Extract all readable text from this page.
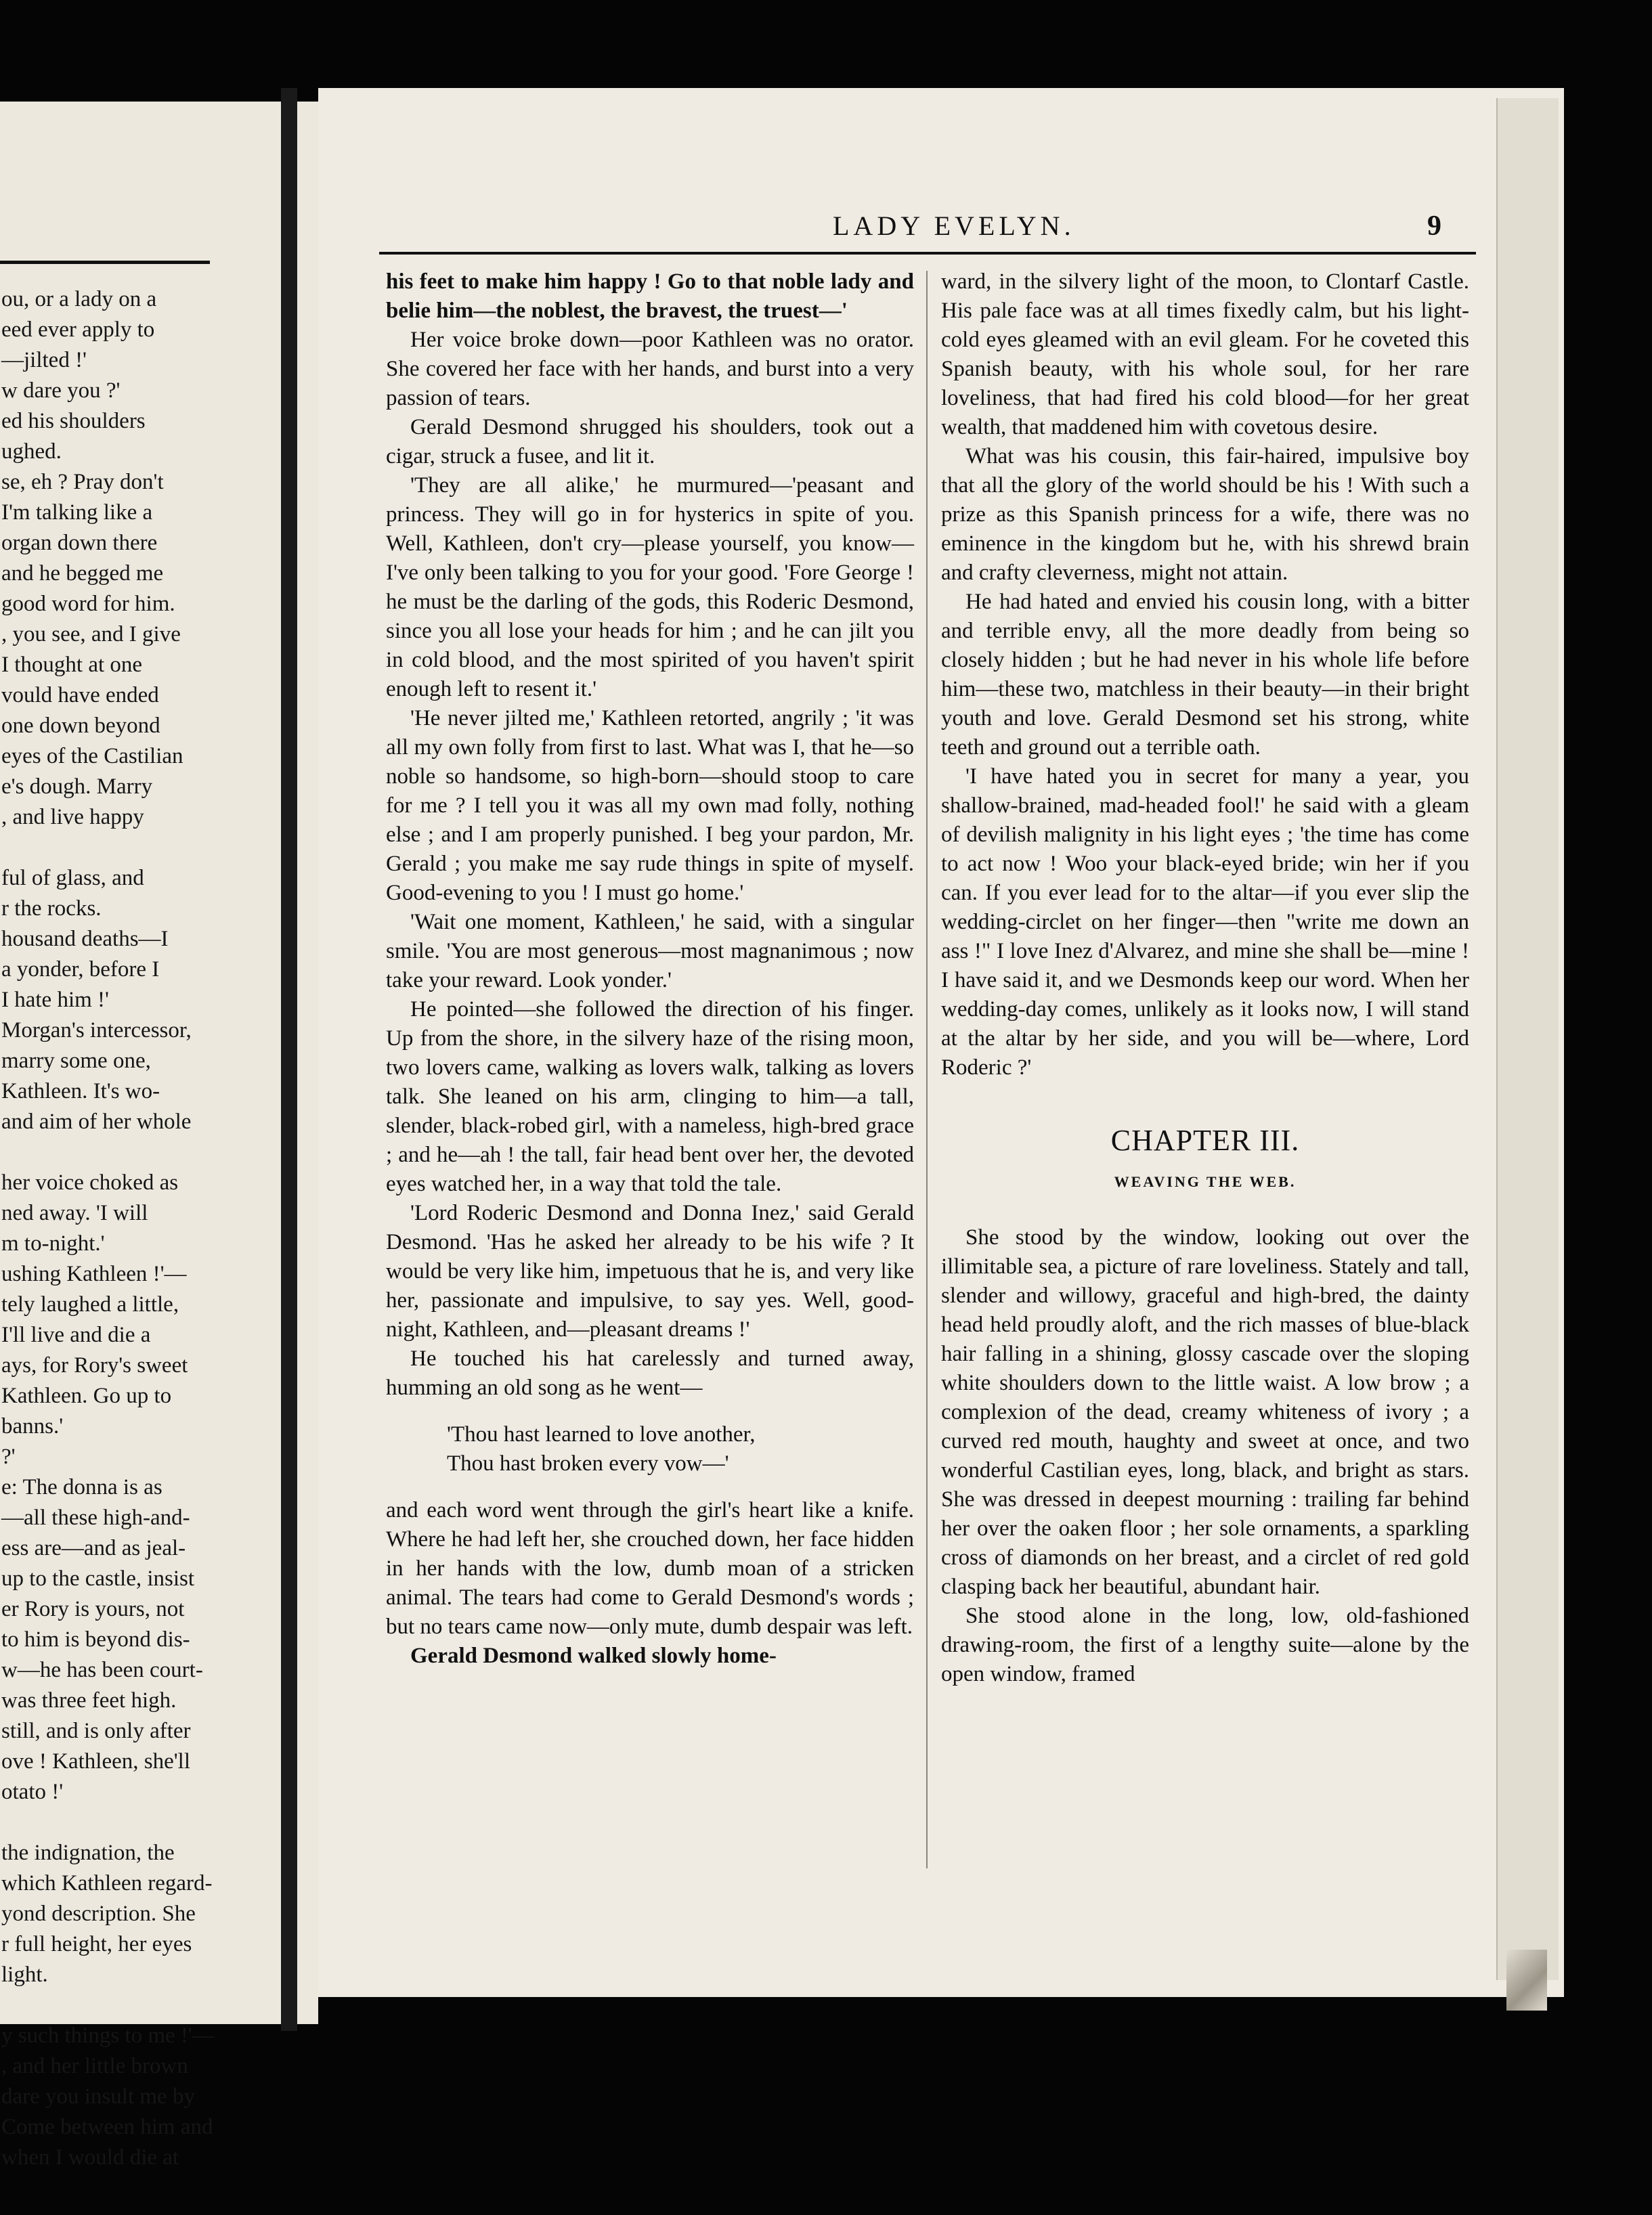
ou, or a lady on a

eed ever apply to

—jilted !'

w dare you ?'

ed his shoulders

ughed.

se, eh ? Pray don't

I'm talking like a

organ down there

and he begged me

good word for him.

, you see, and I give

I thought at one

vould have ended

one down beyond

eyes of the Castilian

e's dough. Marry

, and live happy

ful of glass, and

r the rocks.

housand deaths—I

a yonder, before I

I hate him !'

Morgan's intercessor,

marry some one,

Kathleen. It's wo-

and aim of her whole

her voice choked as

ned away. 'I will

m to-night.'

ushing Kathleen !'—

tely laughed a little,

I'll live and die a

ays, for Rory's sweet

Kathleen. Go up to

banns.'

?'

e: The donna is as

—all these high-and-

ess are—and as jeal-

up to the castle, insist

er Rory is yours, not

to him is beyond dis-

w—he has been court-

was three feet high.

still, and is only after

ove ! Kathleen, she'll

otato !'

the indignation, the

which Kathleen regard-

yond description. She

r full height, her eyes

light.

y such things to me !'—

, and her little brown

dare you insult me by

Come between him and

when I would die at

LADY EVELYN.	9

his feet to make him happy ! Go to that noble lady and belie him—the noblest, the bravest, the truest—'

Her voice broke down—poor Kathleen was no orator. She covered her face with her hands, and burst into a very passion of tears.

Gerald Desmond shrugged his shoulders, took out a cigar, struck a fusee, and lit it.

'They are all alike,' he murmured—'peasant and princess. They will go in for hysterics in spite of you. Well, Kathleen, don't cry—please yourself, you know—I've only been talking to you for your good. 'Fore George ! he must be the darling of the gods, this Roderic Desmond, since you all lose your heads for him ; and he can jilt you in cold blood, and the most spirited of you haven't spirit enough left to resent it.'

'He never jilted me,' Kathleen retorted, angrily ; 'it was all my own folly from first to last. What was I, that he—so noble so handsome, so high-born—should stoop to care for me ? I tell you it was all my own mad folly, nothing else ; and I am properly punished. I beg your pardon, Mr. Gerald ; you make me say rude things in spite of myself. Good-evening to you ! I must go home.'

'Wait one moment, Kathleen,' he said, with a singular smile. 'You are most generous—most magnanimous ; now take your reward. Look yonder.'

He pointed—she followed the direction of his finger. Up from the shore, in the silvery haze of the rising moon, two lovers came, walking as lovers walk, talking as lovers talk. She leaned on his arm, clinging to him—a tall, slender, black-robed girl, with a nameless, high-bred grace ; and he—ah ! the tall, fair head bent over her, the devoted eyes watched her, in a way that told the tale.

'Lord Roderic Desmond and Donna Inez,' said Gerald Desmond. 'Has he asked her already to be his wife ? It would be very like him, impetuous that he is, and very like her, passionate and impulsive, to say yes. Well, good-night, Kathleen, and—pleasant dreams !'

He touched his hat carelessly and turned away, humming an old song as he went—

'Thou hast learned to love another,

Thou hast broken every vow—'

and each word went through the girl's heart like a knife. Where he had left her, she crouched down, her face hidden in her hands with the low, dumb moan of a stricken animal. The tears had come to Gerald Desmond's words ; but no tears came now—only mute, dumb despair was left.

Gerald Desmond walked slowly home-

ward, in the silvery light of the moon, to Clontarf Castle. His pale face was at all times fixedly calm, but his light-cold eyes gleamed with an evil gleam. For he coveted this Spanish beauty, with his whole soul, for her rare loveliness, that had fired his cold blood—for her great wealth, that maddened him with covetous desire.

What was his cousin, this fair-haired, impulsive boy that all the glory of the world should be his ! With such a prize as this Spanish princess for a wife, there was no eminence in the kingdom but he, with his shrewd brain and crafty cleverness, might not attain.

He had hated and envied his cousin long, with a bitter and terrible envy, all the more deadly from being so closely hidden ; but he had never in his whole life before him—these two, matchless in their beauty—in their bright youth and love. Gerald Desmond set his strong, white teeth and ground out a terrible oath.

'I have hated you in secret for many a year, you shallow-brained, mad-headed fool!' he said with a gleam of devilish malignity in his light eyes ; 'the time has come to act now ! Woo your black-eyed bride; win her if you can. If you ever lead for to the altar—if you ever slip the wedding-circlet on her finger—then "write me down an ass !" I love Inez d'Alvarez, and mine she shall be—mine ! I have said it, and we Desmonds keep our word. When her wedding-day comes, unlikely as it looks now, I will stand at the altar by her side, and you will be—where, Lord Roderic ?'

CHAPTER III.
WEAVING THE WEB.

She stood by the window, looking out over the illimitable sea, a picture of rare loveliness. Stately and tall, slender and willowy, graceful and high-bred, the dainty head held proudly aloft, and the rich masses of blue-black hair falling in a shining, glossy cascade over the sloping white shoulders down to the little waist. A low brow ; a complexion of the dead, creamy whiteness of ivory ; a curved red mouth, haughty and sweet at once, and two wonderful Castilian eyes, long, black, and bright as stars. She was dressed in deepest mourning : trailing far behind her over the oaken floor ; her sole ornaments, a sparkling cross of diamonds on her breast, and a circlet of red gold clasping back her beautiful, abundant hair.

She stood alone in the long, low, old-fashioned drawing-room, the first of a lengthy suite—alone by the open window, framed
